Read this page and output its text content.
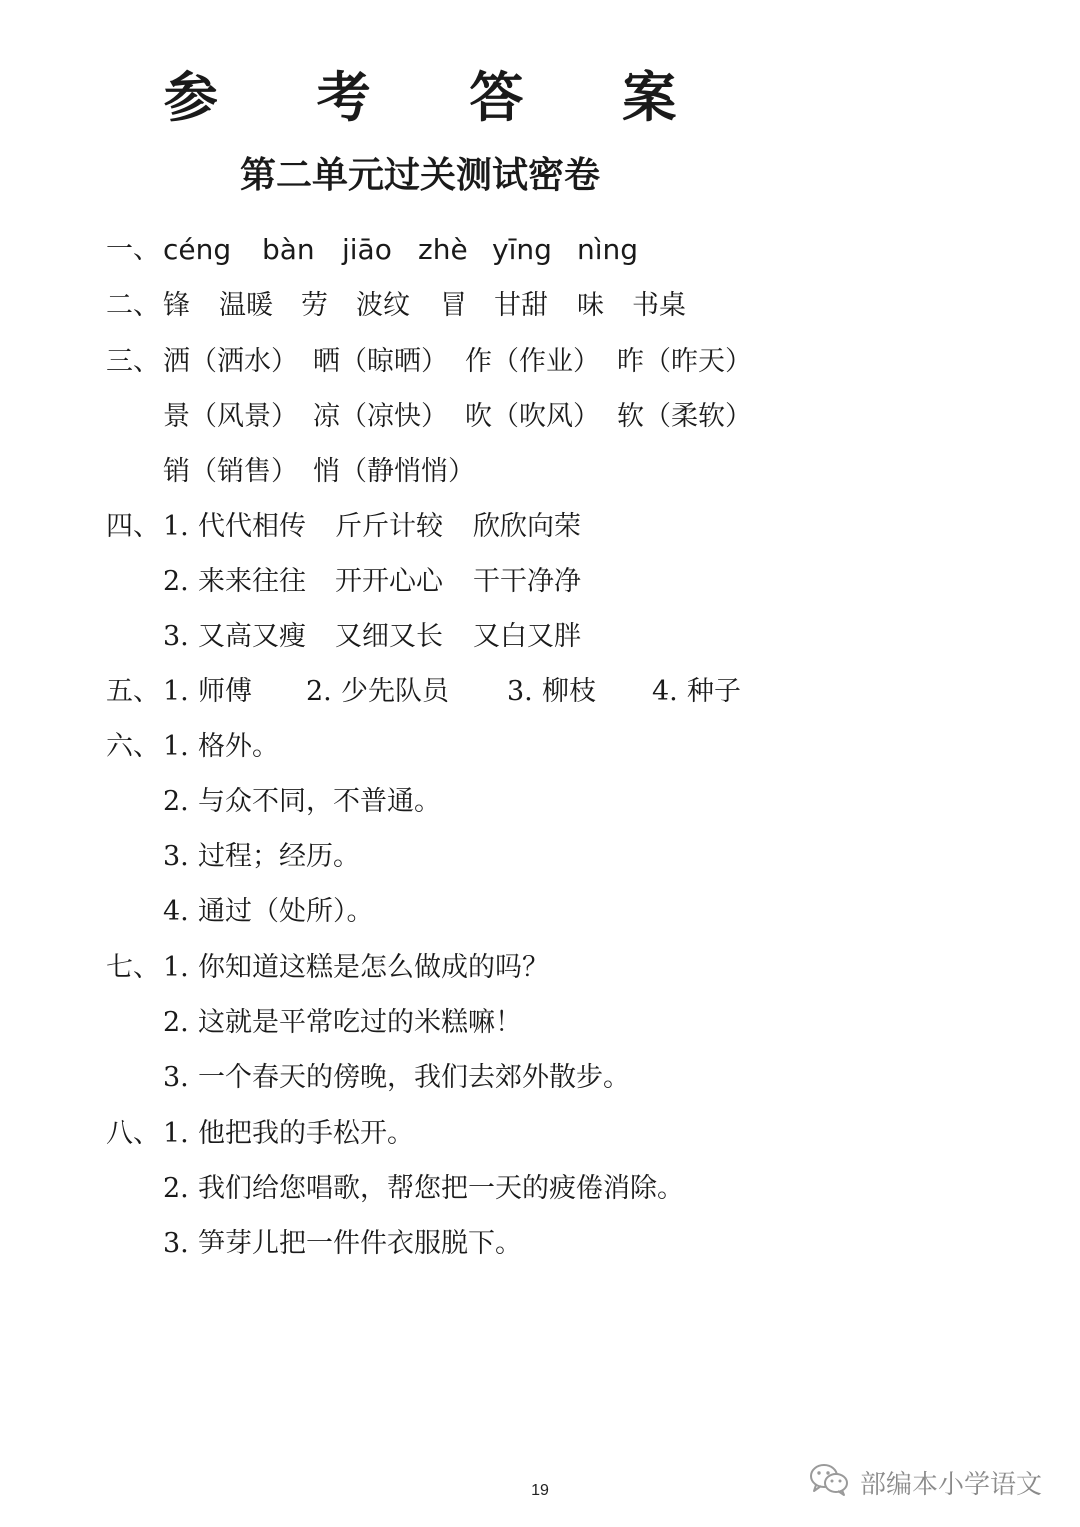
参 考 答 案
第二单元过关测试密卷
一、 céng bàn jiāo zhè yīng nìng
二、 锋 温暖 劳 波纹 冒 甘甜 味 书桌
三、 洒（洒水） 晒（晾晒） 作（作业） 昨（昨天）
景（风景） 凉（凉快） 吹（吹风） 软（柔软）
销（销售） 悄（静悄悄）
四、 1. 代代相传 斤斤计较 欣欣向荣
2. 来来往往 开开心心 干干净净
3. 又高又瘦 又细又长 又白又胖
五、 1. 师傅 2. 少先队员 3. 柳枝 4. 种子
六、 1. 格外。
2. 与众不同，不普通。
3. 过程；经历。
4. 通过（处所）。
七、 1. 你知道这糕是怎么做成的吗？
2. 这就是平常吃过的米糕嘛！
3. 一个春天的傍晚，我们去郊外散步。
八、 1. 他把我的手松开。
2. 我们给您唱歌，帮您把一天的疲倦消除。
3. 笋芽儿把一件件衣服脱下。
19	部编本小学语文
